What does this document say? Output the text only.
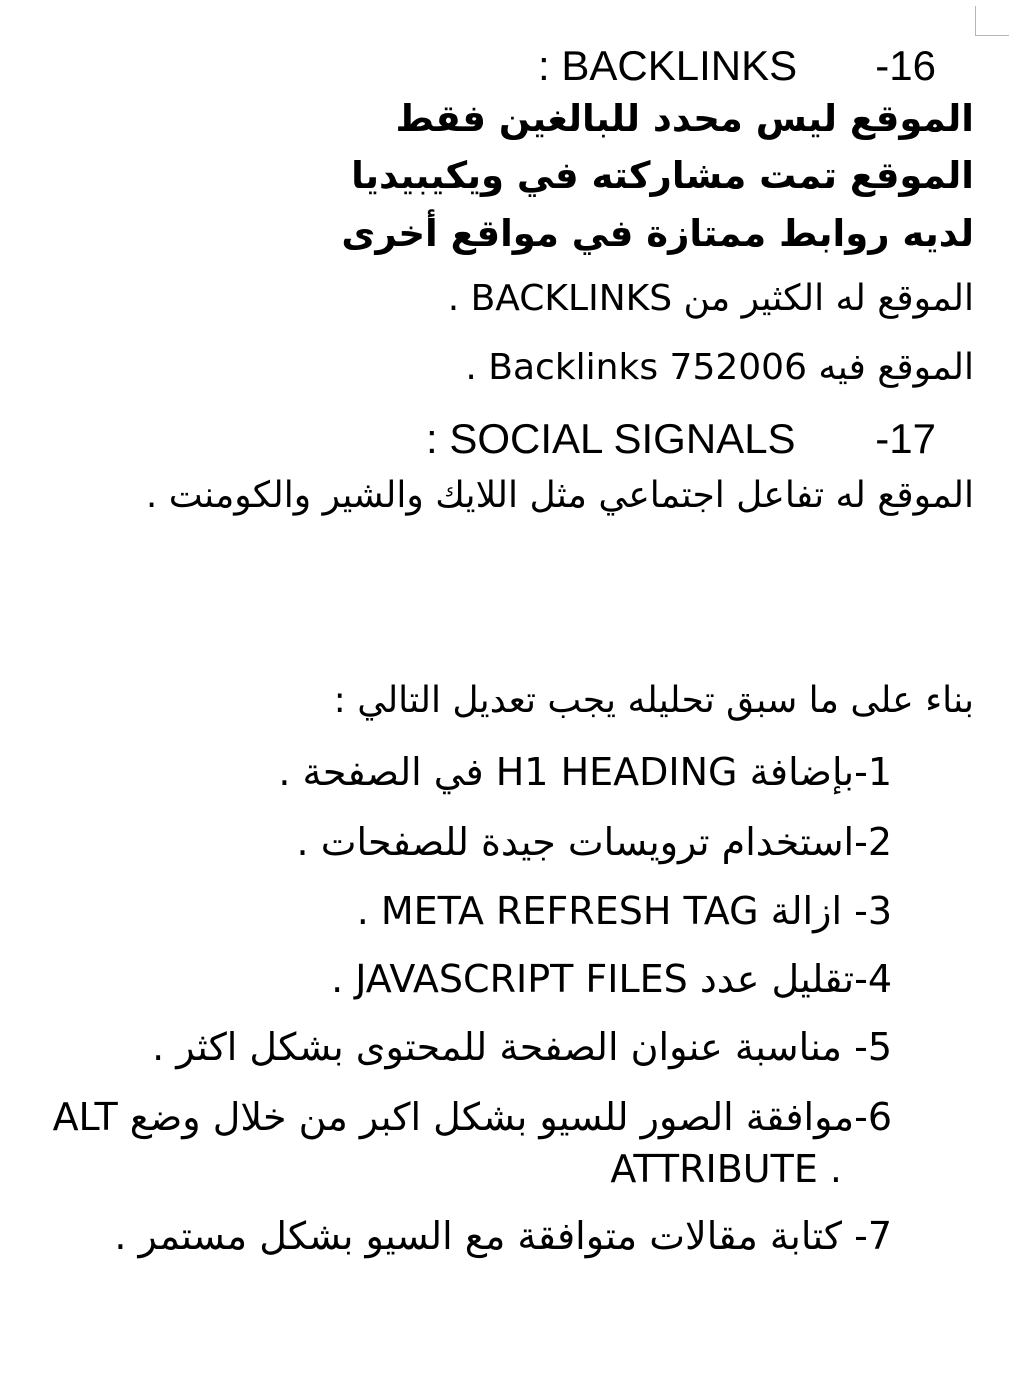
: BACKLINKS -16
الموقع ليس محدد للبالغين فقط
الموقع تمت مشاركته في ويكيبيديا
لديه روابط ممتازة في مواقع أخرى
الموقع له الكثير من BACKLINKS .
الموقع فيه Backlinks 752006 .
: SOCIAL SIGNALS -17
الموقع له تفاعل اجتماعي مثل اللايك والشير والكومنت .
بناء على ما سبق تحليله يجب تعديل التالي :
1-بإضافة H1 HEADING في الصفحة .
2-استخدام ترويسات جيدة للصفحات .
3- ازالة META REFRESH TAG .
4-تقليل عدد JAVASCRIPT FILES .
5- مناسبة عنوان الصفحة للمحتوى بشكل اكثر .
6-موافقة الصور للسيو بشكل اكبر من خلال وضع ALT
ATTRIBUTE .
7- كتابة مقالات متوافقة مع السيو بشكل مستمر .
